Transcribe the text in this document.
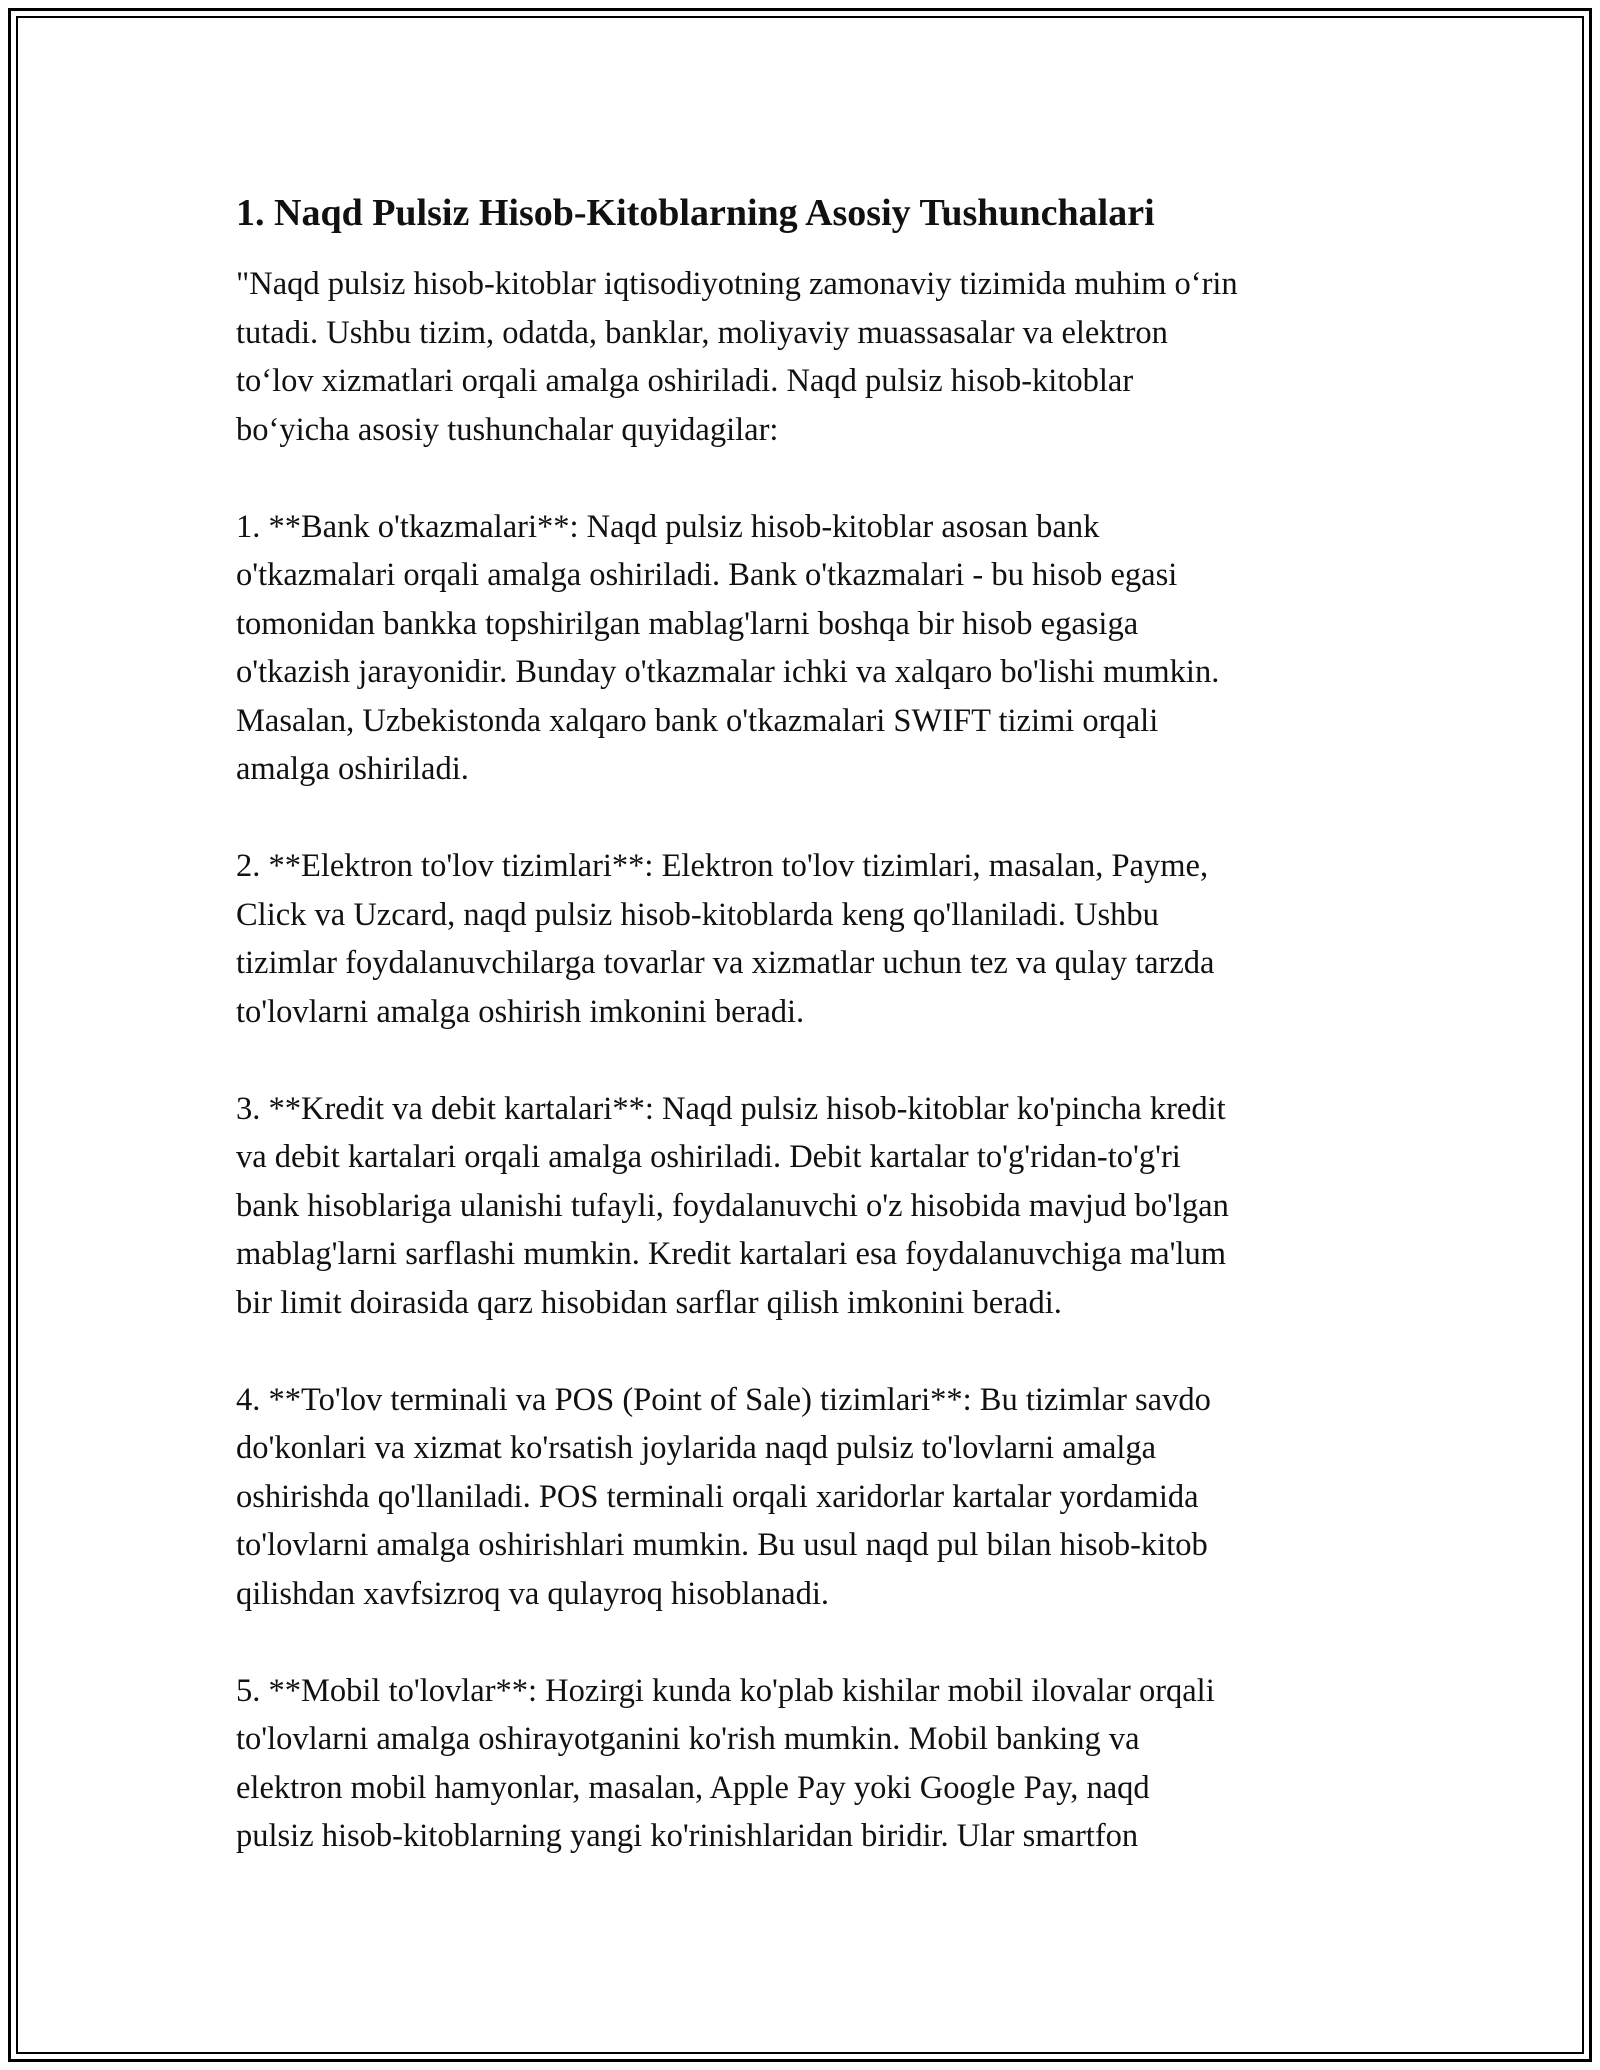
1. Naqd Pulsiz Hisob-Kitoblarning Asosiy Tushunchalari

"Naqd pulsiz hisob-kitoblar iqtisodiyotning zamonaviy tizimida muhim o‘rin
tutadi. Ushbu tizim, odatda, banklar, moliyaviy muassasalar va elektron
to‘lov xizmatlari orqali amalga oshiriladi. Naqd pulsiz hisob-kitoblar
bo‘yicha asosiy tushunchalar quyidagilar:

1. **Bank o'tkazmalari**: Naqd pulsiz hisob-kitoblar asosan bank
o'tkazmalari orqali amalga oshiriladi. Bank o'tkazmalari - bu hisob egasi
tomonidan bankka topshirilgan mablag'larni boshqa bir hisob egasiga
o'tkazish jarayonidir. Bunday o'tkazmalar ichki va xalqaro bo'lishi mumkin.
Masalan, Uzbekistonda xalqaro bank o'tkazmalari SWIFT tizimi orqali
amalga oshiriladi.

2. **Elektron to'lov tizimlari**: Elektron to'lov tizimlari, masalan, Payme,
Click va Uzcard, naqd pulsiz hisob-kitoblarda keng qo'llaniladi. Ushbu
tizimlar foydalanuvchilarga tovarlar va xizmatlar uchun tez va qulay tarzda
to'lovlarni amalga oshirish imkonini beradi.

3. **Kredit va debit kartalari**: Naqd pulsiz hisob-kitoblar ko'pincha kredit
va debit kartalari orqali amalga oshiriladi. Debit kartalar to'g'ridan-to'g'ri
bank hisoblariga ulanishi tufayli, foydalanuvchi o'z hisobida mavjud bo'lgan
mablag'larni sarflashi mumkin. Kredit kartalari esa foydalanuvchiga ma'lum
bir limit doirasida qarz hisobidan sarflar qilish imkonini beradi.

4. **To'lov terminali va POS (Point of Sale) tizimlari**: Bu tizimlar savdo
do'konlari va xizmat ko'rsatish joylarida naqd pulsiz to'lovlarni amalga
oshirishda qo'llaniladi. POS terminali orqali xaridorlar kartalar yordamida
to'lovlarni amalga oshirishlari mumkin. Bu usul naqd pul bilan hisob-kitob
qilishdan xavfsizroq va qulayroq hisoblanadi.

5. **Mobil to'lovlar**: Hozirgi kunda ko'plab kishilar mobil ilovalar orqali
to'lovlarni amalga oshirayotganini ko'rish mumkin. Mobil banking va
elektron mobil hamyonlar, masalan, Apple Pay yoki Google Pay, naqd
pulsiz hisob-kitoblarning yangi ko'rinishlaridan biridir. Ular smartfon
